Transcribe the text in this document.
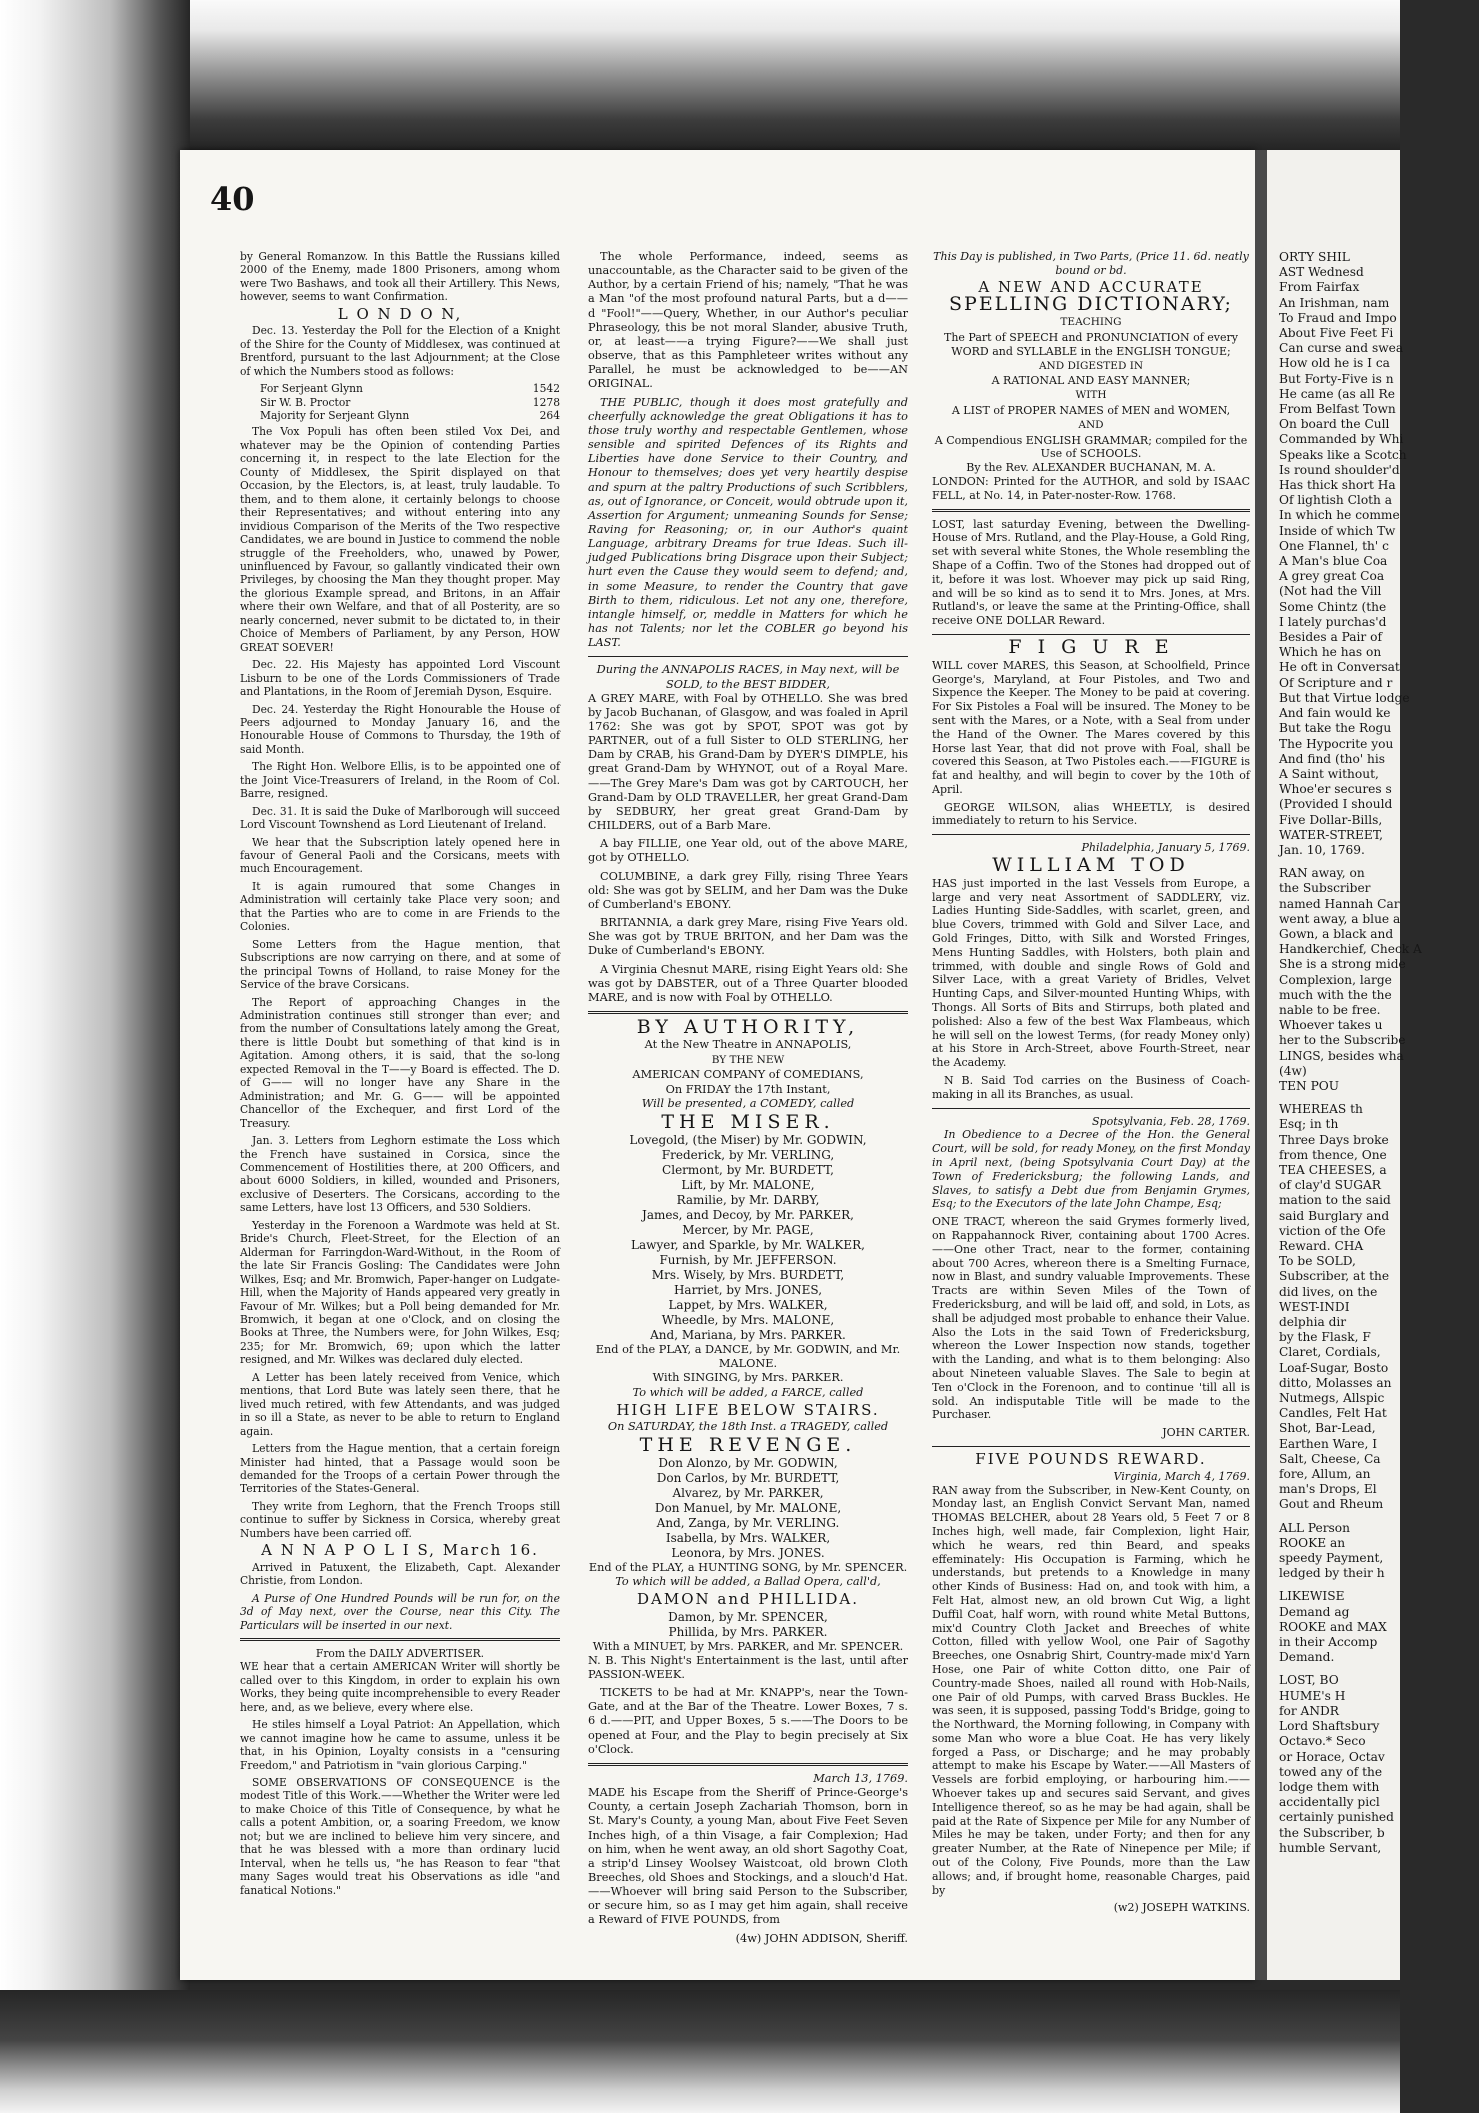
40

by General Romanzow. In this Battle the Russians killed 2000 of the Enemy, made 1800 Prisoners, among whom were Two Bashaws, and took all their Artillery. This News, however, seems to want Confirmation.

L O N D O N,

Dec. 13. Yesterday the Poll for the Election of a Knight of the Shire for the County of Middlesex, was continued at Brentford, pursuant to the last Adjournment; at the Close of which the Numbers stood as follows:

For Serjeant Glynn	1542
Sir W. B. Proctor	1278
Majority for Serjeant Glynn	264

The Vox Populi has often been stiled Vox Dei, and whatever may be the Opinion of contending Parties concerning it, in respect to the late Election for the County of Middlesex, the Spirit displayed on that Occasion, by the Electors, is, at least, truly laudable. To them, and to them alone, it certainly belongs to choose their Representatives; and without entering into any invidious Comparison of the Merits of the Two respective Candidates, we are bound in Justice to commend the noble struggle of the Freeholders, who, unawed by Power, uninfluenced by Favour, so gallantly vindicated their own Privileges, by choosing the Man they thought proper. May the glorious Example spread, and Britons, in an Affair where their own Welfare, and that of all Posterity, are so nearly concerned, never submit to be dictated to, in their Choice of Members of Parliament, by any Person, HOW GREAT SOEVER!

Dec. 22. His Majesty has appointed Lord Viscount Lisburn to be one of the Lords Commissioners of Trade and Plantations, in the Room of Jeremiah Dyson, Esquire.

Dec. 24. Yesterday the Right Honourable the House of Peers adjourned to Monday January 16, and the Honourable House of Commons to Thursday, the 19th of said Month.

The Right Hon. Welbore Ellis, is to be appointed one of the Joint Vice-Treasurers of Ireland, in the Room of Col. Barre, resigned.

Dec. 31. It is said the Duke of Marlborough will succeed Lord Viscount Townshend as Lord Lieutenant of Ireland.

We hear that the Subscription lately opened here in favour of General Paoli and the Corsicans, meets with much Encouragement.

It is again rumoured that some Changes in Administration will certainly take Place very soon; and that the Parties who are to come in are Friends to the Colonies.

Some Letters from the Hague mention, that Subscriptions are now carrying on there, and at some of the principal Towns of Holland, to raise Money for the Service of the brave Corsicans.

The Report of approaching Changes in the Administration continues still stronger than ever; and from the number of Consultations lately among the Great, there is little Doubt but something of that kind is in Agitation. Among others, it is said, that the so-long expected Removal in the T——y Board is effected. The D. of G—— will no longer have any Share in the Administration; and Mr. G. G—— will be appointed Chancellor of the Exchequer, and first Lord of the Treasury.

Jan. 3. Letters from Leghorn estimate the Loss which the French have sustained in Corsica, since the Commencement of Hostilities there, at 200 Officers, and about 6000 Soldiers, in killed, wounded and Prisoners, exclusive of Deserters. The Corsicans, according to the same Letters, have lost 13 Officers, and 530 Soldiers.

Yesterday in the Forenoon a Wardmote was held at St. Bride's Church, Fleet-Street, for the Election of an Alderman for Farringdon-Ward-Without, in the Room of the late Sir Francis Gosling: The Candidates were John Wilkes, Esq; and Mr. Bromwich, Paper-hanger on Ludgate-Hill, when the Majority of Hands appeared very greatly in Favour of Mr. Wilkes; but a Poll being demanded for Mr. Bromwich, it began at one o'Clock, and on closing the Books at Three, the Numbers were, for John Wilkes, Esq; 235; for Mr. Bromwich, 69; upon which the latter resigned, and Mr. Wilkes was declared duly elected.

A Letter has been lately received from Venice, which mentions, that Lord Bute was lately seen there, that he lived much retired, with few Attendants, and was judged in so ill a State, as never to be able to return to England again.

Letters from the Hague mention, that a certain foreign Minister had hinted, that a Passage would soon be demanded for the Troops of a certain Power through the Territories of the States-General.

They write from Leghorn, that the French Troops still continue to suffer by Sickness in Corsica, whereby great Numbers have been carried off.

A N N A P O L I S, March 16.

Arrived in Patuxent, the Elizabeth, Capt. Alexander Christie, from London.

A Purse of One Hundred Pounds will be run for, on the 3d of May next, over the Course, near this City. The Particulars will be inserted in our next.

From the DAILY ADVERTISER.

WE hear that a certain AMERICAN Writer will shortly be called over to this Kingdom, in order to explain his own Works, they being quite incomprehensible to every Reader here, and, as we believe, every where else.

He stiles himself a Loyal Patriot: An Appellation, which we cannot imagine how he came to assume, unless it be that, in his Opinion, Loyalty consists in a "censuring Freedom," and Patriotism in "vain glorious Carping."

SOME OBSERVATIONS OF CONSEQUENCE is the modest Title of this Work.——Whether the Writer were led to make Choice of this Title of Consequence, by what he calls a potent Ambition, or, a soaring Freedom, we know not; but we are inclined to believe him very sincere, and that he was blessed with a more than ordinary lucid Interval, when he tells us, "he has Reason to fear "that many Sages would treat his Observations as idle "and fanatical Notions."

The whole Performance, indeed, seems as unaccountable, as the Character said to be given of the Author, by a certain Friend of his; namely, "That he was a Man "of the most profound natural Parts, but a d——d "Fool!"——Query, Whether, in our Author's peculiar Phraseology, this be not moral Slander, abusive Truth, or, at least——a trying Figure?——We shall just observe, that as this Pamphleteer writes without any Parallel, he must be acknowledged to be——AN ORIGINAL.

THE PUBLIC, though it does most gratefully and cheerfully acknowledge the great Obligations it has to those truly worthy and respectable Gentlemen, whose sensible and spirited Defences of its Rights and Liberties have done Service to their Country, and Honour to themselves; does yet very heartily despise and spurn at the paltry Productions of such Scribblers, as, out of Ignorance, or Conceit, would obtrude upon it, Assertion for Argument; unmeaning Sounds for Sense; Raving for Reasoning; or, in our Author's quaint Language, arbitrary Dreams for true Ideas. Such ill-judged Publications bring Disgrace upon their Subject; hurt even the Cause they would seem to defend; and, in some Measure, to render the Country that gave Birth to them, ridiculous. Let not any one, therefore, intangle himself, or, meddle in Matters for which he has not Talents; nor let the COBLER go beyond his LAST.

During the ANNAPOLIS RACES, in May next, will be SOLD, to the BEST BIDDER,

A GREY MARE, with Foal by OTHELLO. She was bred by Jacob Buchanan, of Glasgow, and was foaled in April 1762: She was got by SPOT, SPOT was got by PARTNER, out of a full Sister to OLD STERLING, her Dam by CRAB, his Grand-Dam by DYER'S DIMPLE, his great Grand-Dam by WHYNOT, out of a Royal Mare.——The Grey Mare's Dam was got by CARTOUCH, her Grand-Dam by OLD TRAVELLER, her great Grand-Dam by SEDBURY, her great great Grand-Dam by CHILDERS, out of a Barb Mare.

A bay FILLIE, one Year old, out of the above MARE, got by OTHELLO.

COLUMBINE, a dark grey Filly, rising Three Years old: She was got by SELIM, and her Dam was the Duke of Cumberland's EBONY.

BRITANNIA, a dark grey Mare, rising Five Years old. She was got by TRUE BRITON, and her Dam was the Duke of Cumberland's EBONY.

A Virginia Chesnut MARE, rising Eight Years old: She was got by DABSTER, out of a Three Quarter blooded MARE, and is now with Foal by OTHELLO.

BY AUTHORITY,
At the New Theatre in ANNAPOLIS,
BY THE NEW
AMERICAN COMPANY of COMEDIANS,
On FRIDAY the 17th Instant,
Will be presented, a COMEDY, called
THE MISER.
Lovegold, (the Miser) by Mr. GODWIN,
Frederick, by Mr. VERLING,
Clermont, by Mr. BURDETT,
Lift, by Mr. MALONE,
Ramilie, by Mr. DARBY,
James, and Decoy, by Mr. PARKER,
Mercer, by Mr. PAGE,
Lawyer, and Sparkle, by Mr. WALKER,
Furnish, by Mr. JEFFERSON.
Mrs. Wisely, by Mrs. BURDETT,
Harriet, by Mrs. JONES,
Lappet, by Mrs. WALKER,
Wheedle, by Mrs. MALONE,
And, Mariana, by Mrs. PARKER.
End of the PLAY, a DANCE, by Mr. GODWIN, and Mr. MALONE.
With SINGING, by Mrs. PARKER.
To which will be added, a FARCE, called
HIGH LIFE BELOW STAIRS.
On SATURDAY, the 18th Inst. a TRAGEDY, called
THE REVENGE.
Don Alonzo, by Mr. GODWIN,
Don Carlos, by Mr. BURDETT,
Alvarez, by Mr. PARKER,
Don Manuel, by Mr. MALONE,
And, Zanga, by Mr. VERLING.
Isabella, by Mrs. WALKER,
Leonora, by Mrs. JONES.
End of the PLAY, a HUNTING SONG, by Mr. SPENCER.
To which will be added, a Ballad Opera, call'd,
DAMON and PHILLIDA.
Damon, by Mr. SPENCER,
Phillida, by Mrs. PARKER.
With a MINUET, by Mrs. PARKER, and Mr. SPENCER.

N. B. This Night's Entertainment is the last, until after PASSION-WEEK.

TICKETS to be had at Mr. KNAPP's, near the Town-Gate, and at the Bar of the Theatre. Lower Boxes, 7 s. 6 d.——PIT, and Upper Boxes, 5 s.——The Doors to be opened at Four, and the Play to begin precisely at Six o'Clock.

March 13, 1769.

MADE his Escape from the Sheriff of Prince-George's County, a certain Joseph Zachariah Thomson, born in St. Mary's County, a young Man, about Five Feet Seven Inches high, of a thin Visage, a fair Complexion; Had on him, when he went away, an old short Sagothy Coat, a strip'd Linsey Woolsey Waistcoat, old brown Cloth Breeches, old Shoes and Stockings, and a slouch'd Hat.——Whoever will bring said Person to the Subscriber, or secure him, so as I may get him again, shall receive a Reward of FIVE POUNDS, from

(4w) JOHN ADDISON, Sheriff.
This Day is published, in Two Parts, (Price 11. 6d. neatly bound or bd.
A NEW AND ACCURATE
SPELLING DICTIONARY;
TEACHING
The Part of SPEECH and PRONUNCIATION of every WORD and SYLLABLE in the ENGLISH TONGUE;
AND DIGESTED IN
A RATIONAL AND EASY MANNER;
WITH
A LIST of PROPER NAMES of MEN and WOMEN,
AND
A Compendious ENGLISH GRAMMAR; compiled for the Use of SCHOOLS.
By the Rev. ALEXANDER BUCHANAN, M. A.

LONDON: Printed for the AUTHOR, and sold by ISAAC FELL, at No. 14, in Pater-noster-Row. 1768.

LOST, last saturday Evening, between the Dwelling-House of Mrs. Rutland, and the Play-House, a Gold Ring, set with several white Stones, the Whole resembling the Shape of a Coffin. Two of the Stones had dropped out of it, before it was lost. Whoever may pick up said Ring, and will be so kind as to send it to Mrs. Jones, at Mrs. Rutland's, or leave the same at the Printing-Office, shall receive ONE DOLLAR Reward.

F I G U R E

WILL cover MARES, this Season, at Schoolfield, Prince George's, Maryland, at Four Pistoles, and Two and Sixpence the Keeper. The Money to be paid at covering. For Six Pistoles a Foal will be insured. The Money to be sent with the Mares, or a Note, with a Seal from under the Hand of the Owner. The Mares covered by this Horse last Year, that did not prove with Foal, shall be covered this Season, at Two Pistoles each.——FIGURE is fat and healthy, and will begin to cover by the 10th of April.

GEORGE WILSON, alias WHEETLY, is desired immediately to return to his Service.

Philadelphia, January 5, 1769.
WILLIAM TOD

HAS just imported in the last Vessels from Europe, a large and very neat Assortment of SADDLERY, viz. Ladies Hunting Side-Saddles, with scarlet, green, and blue Covers, trimmed with Gold and Silver Lace, and Gold Fringes, Ditto, with Silk and Worsted Fringes, Mens Hunting Saddles, with Holsters, both plain and trimmed, with double and single Rows of Gold and Silver Lace, with a great Variety of Bridles, Velvet Hunting Caps, and Silver-mounted Hunting Whips, with Thongs. All Sorts of Bits and Stirrups, both plated and polished: Also a few of the best Wax Flambeaus, which he will sell on the lowest Terms, (for ready Money only) at his Store in Arch-Street, above Fourth-Street, near the Academy.

N B. Said Tod carries on the Business of Coach-making in all its Branches, as usual.

Spotsylvania, Feb. 28, 1769.

In Obedience to a Decree of the Hon. the General Court, will be sold, for ready Money, on the first Monday in April next, (being Spotsylvania Court Day) at the Town of Fredericksburg; the following Lands, and Slaves, to satisfy a Debt due from Benjamin Grymes, Esq; to the Executors of the late John Champe, Esq;

ONE TRACT, whereon the said Grymes formerly lived, on Rappahannock River, containing about 1700 Acres.——One other Tract, near to the former, containing about 700 Acres, whereon there is a Smelting Furnace, now in Blast, and sundry valuable Improvements. These Tracts are within Seven Miles of the Town of Fredericksburg, and will be laid off, and sold, in Lots, as shall be adjudged most probable to enhance their Value. Also the Lots in the said Town of Fredericksburg, whereon the Lower Inspection now stands, together with the Landing, and what is to them belonging: Also about Nineteen valuable Slaves. The Sale to begin at Ten o'Clock in the Forenoon, and to continue 'till all is sold. An indisputable Title will be made to the Purchaser.

JOHN CARTER.
FIVE POUNDS REWARD.
Virginia, March 4, 1769.

RAN away from the Subscriber, in New-Kent County, on Monday last, an English Convict Servant Man, named THOMAS BELCHER, about 28 Years old, 5 Feet 7 or 8 Inches high, well made, fair Complexion, light Hair, which he wears, red thin Beard, and speaks effeminately: His Occupation is Farming, which he understands, but pretends to a Knowledge in many other Kinds of Business: Had on, and took with him, a Felt Hat, almost new, an old brown Cut Wig, a light Duffil Coat, half worn, with round white Metal Buttons, mix'd Country Cloth Jacket and Breeches of white Cotton, filled with yellow Wool, one Pair of Sagothy Breeches, one Osnabrig Shirt, Country-made mix'd Yarn Hose, one Pair of white Cotton ditto, one Pair of Country-made Shoes, nailed all round with Hob-Nails, one Pair of old Pumps, with carved Brass Buckles. He was seen, it is supposed, passing Todd's Bridge, going to the Northward, the Morning following, in Company with some Man who wore a blue Coat. He has very likely forged a Pass, or Discharge; and he may probably attempt to make his Escape by Water.——All Masters of Vessels are forbid employing, or harbouring him.——Whoever takes up and secures said Servant, and gives Intelligence thereof, so as he may be had again, shall be paid at the Rate of Sixpence per Mile for any Number of Miles he may be taken, under Forty; and then for any greater Number, at the Rate of Ninepence per Mile; if out of the Colony, Five Pounds, more than the Law allows; and, if brought home, reasonable Charges, paid by

(w2) JOSEPH WATKINS.
ORTY SHIL
AST Wednesd
From Fairfax
An Irishman, nam
To Fraud and Impo
About Five Feet Fi
Can curse and swea
How old he is I ca
But Forty-Five is n
He came (as all Re
From Belfast Town
On board the Cull
Commanded by Whi
Speaks like a Scotch
Is round shoulder'd
Has thick short Ha
Of lightish Cloth a
In which he comme
Inside of which Tw
One Flannel, th' c
A Man's blue Coa
A grey great Coa
(Not had the Vill
Some Chintz (the
I lately purchas'd
Besides a Pair of
Which he has on
He oft in Conversat
Of Scripture and r
But that Virtue lodge
And fain would ke
But take the Rogu
The Hypocrite you
And find (tho' his
A Saint without,
Whoe'er secures s
(Provided I should
Five Dollar-Bills,
WATER-STREET,
Jan. 10, 1769.
RAN away, on
the Subscriber
named Hannah Car
went away, a blue a
Gown, a black and
Handkerchief, Check A
She is a strong mide
Complexion, large
much with the the
nable to be free.
Whoever takes u
her to the Subscribe
LINGS, besides wha
(4w)
TEN POU
WHEREAS th
Esq; in th
Three Days broke
from thence, One
TEA CHEESES, a
of clay'd SUGAR
mation to the said
said Burglary and
viction of the Ofe
Reward. CHA
To be SOLD,
Subscriber, at the
did lives, on the
WEST-INDI
delphia dir
by the Flask, F
Claret, Cordials,
Loaf-Sugar, Bosto
ditto, Molasses an
Nutmegs, Allspic
Candles, Felt Hat
Shot, Bar-Lead,
Earthen Ware, I
Salt, Cheese, Ca
fore, Allum, an
man's Drops, El
Gout and Rheum
ALL Person
ROOKE an
speedy Payment,
ledged by their h
LIKEWISE
Demand ag
ROOKE and MAX
in their Accomp
Demand.
LOST, BO
HUME's H
for ANDR
Lord Shaftsbury
Octavo.* Seco
or Horace, Octav
towed any of the
lodge them with
accidentally picl
certainly punished
the Subscriber, b
humble Servant,
